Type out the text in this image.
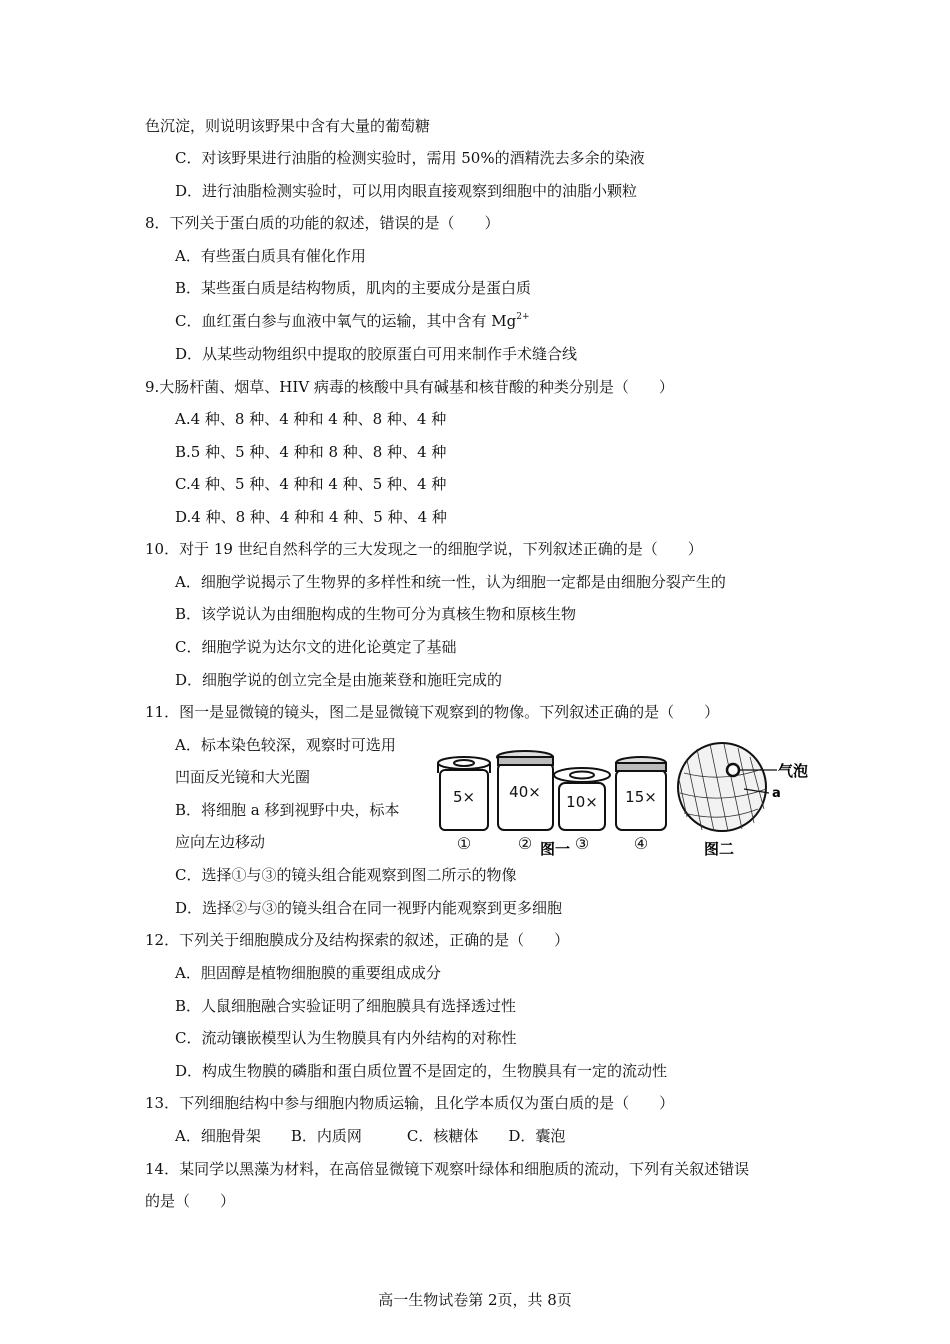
色沉淀，则说明该野果中含有大量的葡萄糖
C．对该野果进行油脂的检测实验时，需用 50%的酒精洗去多余的染液
D．进行油脂检测实验时，可以用肉眼直接观察到细胞中的油脂小颗粒
8．下列关于蛋白质的功能的叙述，错误的是（　　）
A．有些蛋白质具有催化作用
B．某些蛋白质是结构物质，肌肉的主要成分是蛋白质
C．血红蛋白参与血液中氧气的运输，其中含有 $Mg^{2+}$
D．从某些动物组织中提取的胶原蛋白可用来制作手术缝合线
9.大肠杆菌、烟草、HIV 病毒的核酸中具有碱基和核苷酸的种类分别是（　　）
A.4 种、8 种、4 种和 4 种、8 种、4 种
B.5 种、5 种、4 种和 8 种、8 种、4 种
C.4 种、5 种、4 种和 4 种、5 种、4 种
D.4 种、8 种、4 种和 4 种、5 种、4 种
10．对于 19 世纪自然科学的三大发现之一的细胞学说，下列叙述正确的是（　　）
A．细胞学说揭示了生物界的多样性和统一性，认为细胞一定都是由细胞分裂产生的
B．该学说认为由细胞构成的生物可分为真核生物和原核生物
C．细胞学说为达尔文的进化论奠定了基础
D．细胞学说的创立完全是由施莱登和施旺完成的
11．图一是显微镜的镜头，图二是显微镜下观察到的物像。下列叙述正确的是（　　）
A．标本染色较深，观察时可选用
凹面反光镜和大光圈
B．将细胞 a 移到视野中央，标本
应向左边移动
5× 40×
10× 15×
①	②	③	④
图一
气泡
a
图二
C．选择①与③的镜头组合能观察到图二所示的物像
D．选择②与③的镜头组合在同一视野内能观察到更多细胞
12．下列关于细胞膜成分及结构探索的叙述，正确的是（　　）
A．胆固醇是植物细胞膜的重要组成成分
B．人鼠细胞融合实验证明了细胞膜具有选择透过性
C．流动镶嵌模型认为生物膜具有内外结构的对称性
D．构成生物膜的磷脂和蛋白质位置不是固定的，生物膜具有一定的流动性
13．下列细胞结构中参与细胞内物质运输，且化学本质仅为蛋白质的是（　　）
A．细胞骨架　　B．内质网　　　C．核糖体　　D．囊泡
14．某同学以黑藻为材料，在高倍显微镜下观察叶绿体和细胞质的流动，下列有关叙述错误
的是（　　）
高一生物试卷第 2页，共 8页
